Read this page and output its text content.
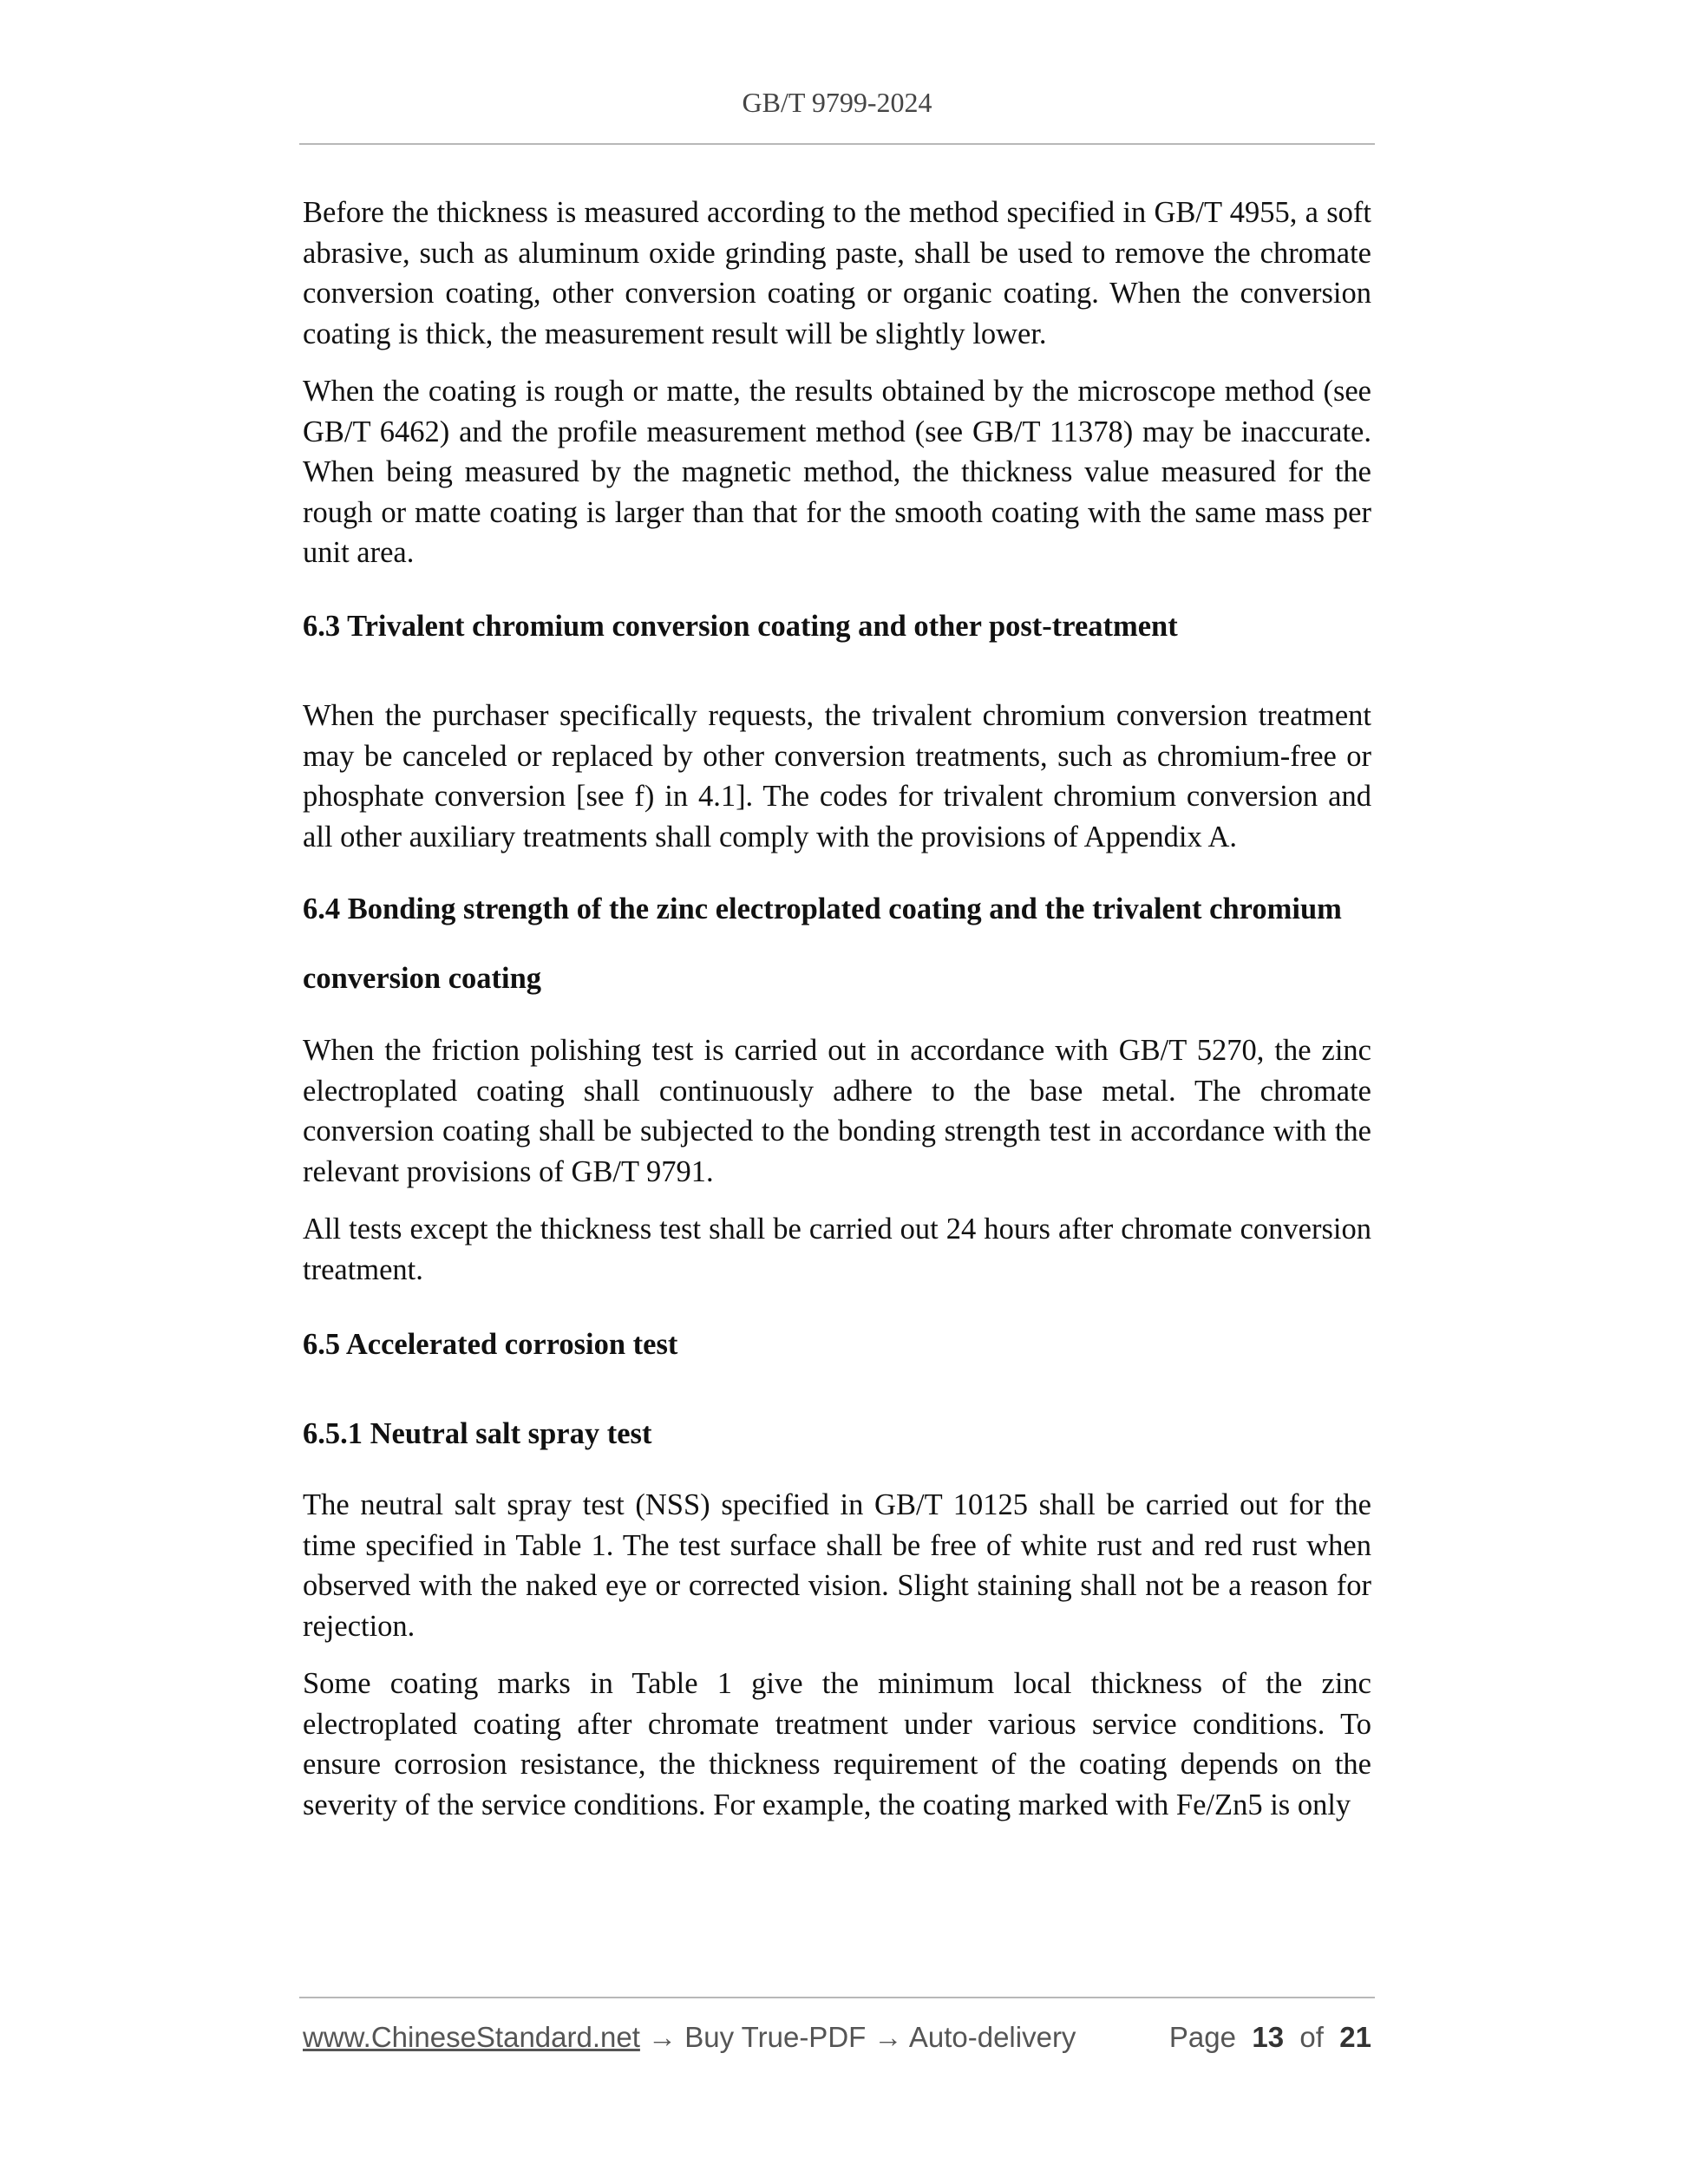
GB/T 9799-2024

Before the thickness is measured according to the method specified in GB/T 4955, a soft abrasive, such as aluminum oxide grinding paste, shall be used to remove the chromate conversion coating, other conversion coating or organic coating. When the conversion coating is thick, the measurement result will be slightly lower.

When the coating is rough or matte, the results obtained by the microscope method (see GB/T 6462) and the profile measurement method (see GB/T 11378) may be inaccurate. When being measured by the magnetic method, the thickness value measured for the rough or matte coating is larger than that for the smooth coating with the same mass per unit area.

6.3 Trivalent chromium conversion coating and other post-treatment

When the purchaser specifically requests, the trivalent chromium conversion treatment may be canceled or replaced by other conversion treatments, such as chromium-free or phosphate conversion [see f) in 4.1]. The codes for trivalent chromium conversion and all other auxiliary treatments shall comply with the provisions of Appendix A.

6.4 Bonding strength of the zinc electroplated coating and the trivalent chromium
conversion coating

When the friction polishing test is carried out in accordance with GB/T 5270, the zinc electroplated coating shall continuously adhere to the base metal. The chromate conversion coating shall be subjected to the bonding strength test in accordance with the relevant provisions of GB/T 9791.

All tests except the thickness test shall be carried out 24 hours after chromate conversion treatment.

6.5 Accelerated corrosion test
6.5.1 Neutral salt spray test

The neutral salt spray test (NSS) specified in GB/T 10125 shall be carried out for the time specified in Table 1. The test surface shall be free of white rust and red rust when observed with the naked eye or corrected vision. Slight staining shall not be a reason for rejection.

Some coating marks in Table 1 give the minimum local thickness of the zinc electroplated coating after chromate treatment under various service conditions. To ensure corrosion resistance, the thickness requirement of the coating depends on the severity of the service conditions. For example, the coating marked with Fe/Zn5 is only

www.ChineseStandard.net → Buy True-PDF → Auto-delivery	Page 13 of 21
